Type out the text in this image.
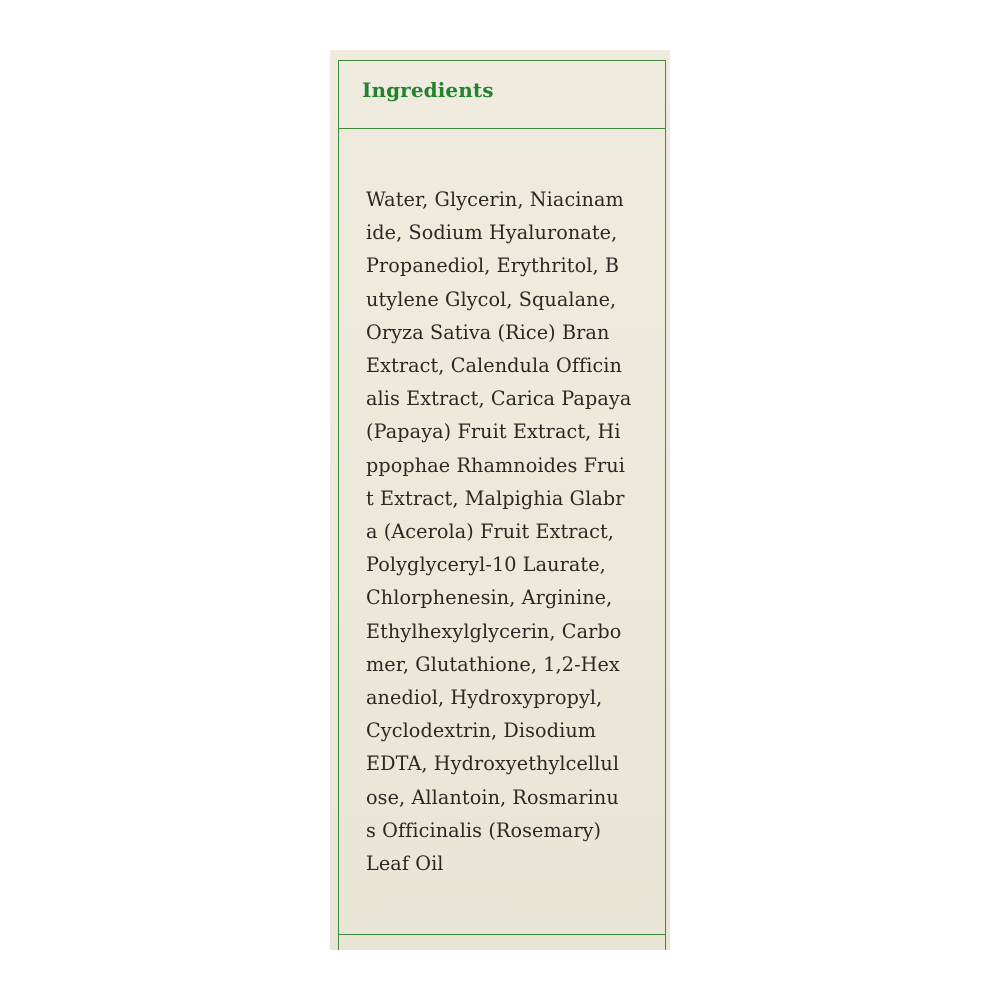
Ingredients
Water, Glycerin, Niacinam
ide, Sodium Hyaluronate,
Propanediol, Erythritol, B
utylene Glycol, Squalane,
Oryza Sativa (Rice) Bran
Extract, Calendula Officin
alis Extract, Carica Papaya
(Papaya) Fruit Extract, Hi
ppophae Rhamnoides Frui
t Extract, Malpighia Glabr
a (Acerola) Fruit Extract,
Polyglyceryl-10 Laurate,
Chlorphenesin, Arginine,
Ethylhexylglycerin, Carbo
mer, Glutathione, 1,2-Hex
anediol, Hydroxypropyl,
Cyclodextrin, Disodium
EDTA, Hydroxyethylcellul
ose, Allantoin, Rosmarinu
s Officinalis (Rosemary)
Leaf Oil
